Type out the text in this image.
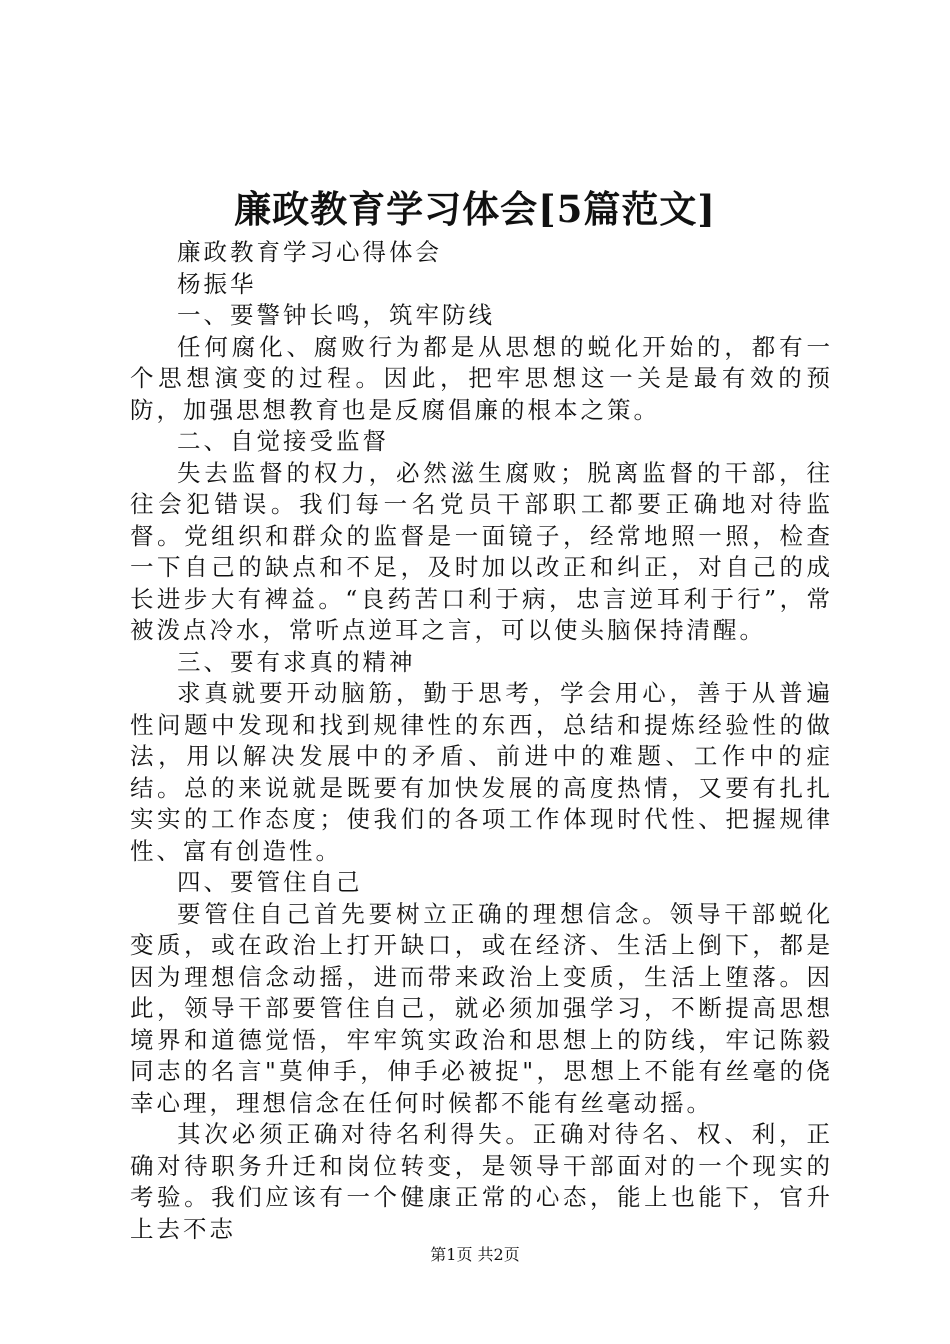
廉政教育学习体会[5篇范文]

廉政教育学习心得体会

杨振华

一、要警钟长鸣，筑牢防线

任何腐化、腐败行为都是从思想的蜕化开始的，都有一个思想演变的过程。因此，把牢思想这一关是最有效的预防，加强思想教育也是反腐倡廉的根本之策。

二、自觉接受监督

失去监督的权力，必然滋生腐败；脱离监督的干部，往往会犯错误。我们每一名党员干部职工都要正确地对待监督。党组织和群众的监督是一面镜子，经常地照一照，检查一下自己的缺点和不足，及时加以改正和纠正，对自己的成长进步大有裨益。“良药苦口利于病，忠言逆耳利于行”，常被泼点冷水，常听点逆耳之言，可以使头脑保持清醒。

三、要有求真的精神

求真就要开动脑筋，勤于思考，学会用心，善于从普遍性问题中发现和找到规律性的东西，总结和提炼经验性的做法，用以解决发展中的矛盾、前进中的难题、工作中的症结。总的来说就是既要有加快发展的高度热情，又要有扎扎实实的工作态度；使我们的各项工作体现时代性、把握规律性、富有创造性。

四、要管住自己

要管住自己首先要树立正确的理想信念。领导干部蜕化变质，或在政治上打开缺口，或在经济、生活上倒下，都是因为理想信念动摇，进而带来政治上变质，生活上堕落。因此，领导干部要管住自己，就必须加强学习，不断提高思想境界和道德觉悟，牢牢筑实政治和思想上的防线，牢记陈毅同志的名言"莫伸手，伸手必被捉"，思想上不能有丝毫的侥幸心理，理想信念在任何时候都不能有丝毫动摇。

其次必须正确对待名利得失。正确对待名、权、利，正确对待职务升迁和岗位转变，是领导干部面对的一个现实的考验。我们应该有一个健康正常的心态，能上也能下，官升上去不志

第1页 共2页
